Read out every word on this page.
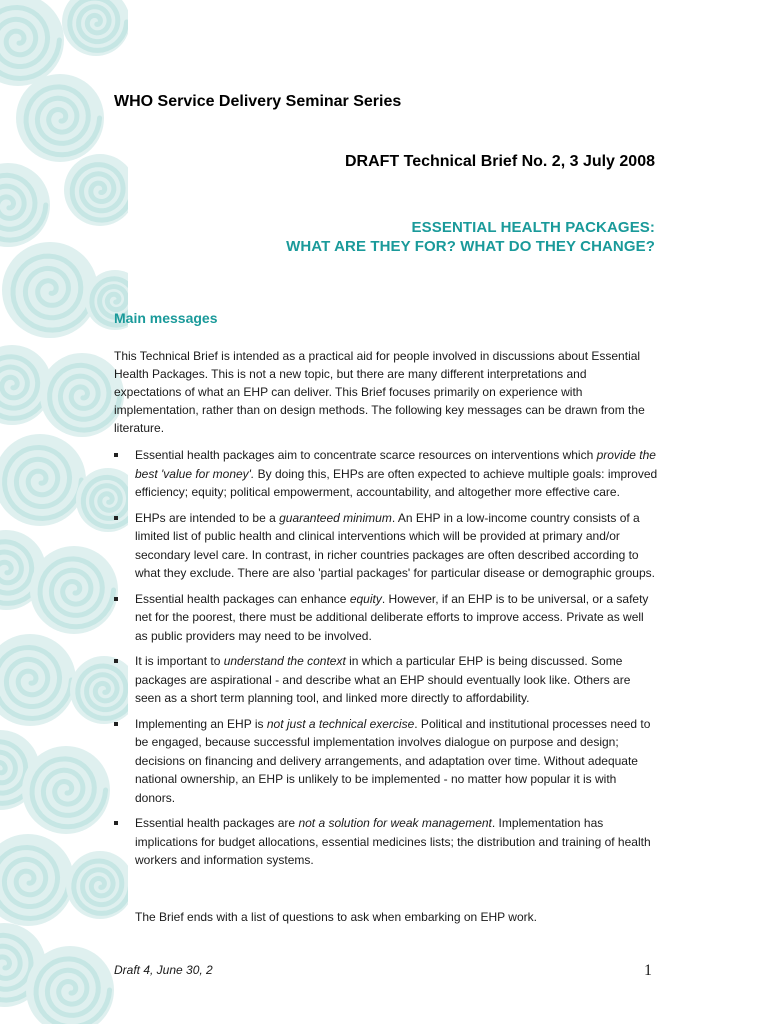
WHO Service Delivery Seminar Series
DRAFT Technical Brief No. 2, 3 July 2008
ESSENTIAL HEALTH PACKAGES:
WHAT ARE THEY FOR? WHAT DO THEY CHANGE?
Main messages
This Technical Brief is intended as a practical aid for people involved in discussions about Essential Health Packages. This is not a new topic, but there are many different interpretations and expectations of what an EHP can deliver. This Brief focuses primarily on experience with implementation, rather than on design methods. The following key messages can be drawn from the literature.
Essential health packages aim to concentrate scarce resources on interventions which provide the best 'value for money'. By doing this, EHPs are often expected to achieve multiple goals: improved efficiency; equity; political empowerment, accountability, and altogether more effective care.
EHPs are intended to be a guaranteed minimum. An EHP in a low-income country consists of a limited list of public health and clinical interventions which will be provided at primary and/or secondary level care. In contrast, in richer countries packages are often described according to what they exclude. There are also 'partial packages' for particular disease or demographic groups.
Essential health packages can enhance equity. However, if an EHP is to be universal, or a safety net for the poorest, there must be additional deliberate efforts to improve access. Private as well as public providers may need to be involved.
It is important to understand the context in which a particular EHP is being discussed. Some packages are aspirational - and describe what an EHP should eventually look like. Others are seen as a short term planning tool, and linked more directly to affordability.
Implementing an EHP is not just a technical exercise. Political and institutional processes need to be engaged, because successful implementation involves dialogue on purpose and design; decisions on financing and delivery arrangements, and adaptation over time. Without adequate national ownership, an EHP is unlikely to be implemented - no matter how popular it is with donors.
Essential health packages are not a solution for weak management. Implementation has implications for budget allocations, essential medicines lists; the distribution and training of health workers and information systems.
The Brief ends with a list of questions to ask when embarking on EHP work.
Draft 4, June 30, 2	1
